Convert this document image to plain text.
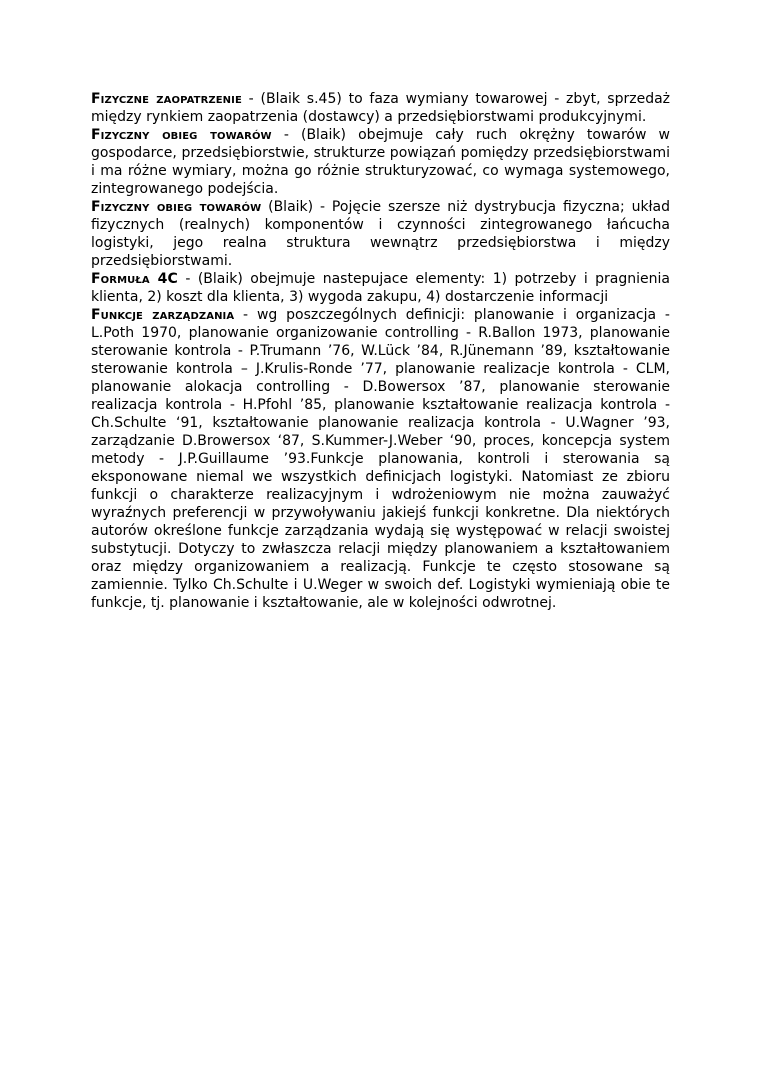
Fizyczne zaopatrzenie - (Blaik s.45) to faza wymiany towarowej - zbyt, sprzedaż między rynkiem zaopatrzenia (dostawcy) a przedsiębiorstwami produkcyjnymi.

Fizyczny obieg towarów - (Blaik) obejmuje cały ruch okrężny towarów w gospodarce, przedsiębiorstwie, strukturze powiązań pomiędzy przedsiębiorstwami i ma różne wymiary, można go różnie strukturyzować, co wymaga systemowego, zintegrowanego podejścia.

Fizyczny obieg towarów (Blaik) - Pojęcie szersze niż dystrybucja fizyczna; układ fizycznych (realnych) komponentów i czynności zintegrowanego łańcucha logistyki, jego realna struktura wewnątrz przedsiębiorstwa i między przedsiębiorstwami.

Formuła 4C - (Blaik) obejmuje nastepujace elementy: 1) potrzeby i pragnienia klienta, 2) koszt dla klienta, 3) wygoda zakupu, 4) dostarczenie informacji

Funkcje zarządzania - wg poszczególnych definicji: planowanie i organizacja - L.Poth 1970, planowanie organizowanie controlling - R.Ballon 1973, planowanie sterowanie kontrola - P.Trumann ’76, W.Lück ’84, R.Jünemann ’89, kształtowanie sterowanie kontrola – J.Krulis-Ronde ’77, planowanie realizacje kontrola - CLM, planowanie alokacja controlling - D.Bowersox ’87, planowanie sterowanie realizacja kontrola - H.Pfohl ’85, planowanie kształtowanie realizacja kontrola - Ch.Schulte ‘91, kształtowanie planowanie realizacja kontrola - U.Wagner ’93, zarządzanie D.Browersox ‘87, S.Kummer-J.Weber ‘90, proces, koncepcja system metody - J.P.Guillaume ’93.Funkcje planowania, kontroli i sterowania są eksponowane niemal we wszystkich definicjach logistyki. Natomiast ze zbioru funkcji o charakterze realizacyjnym i wdrożeniowym nie można zauważyć wyraźnych preferencji w przywoływaniu jakiejś funkcji konkretne. Dla niektórych autorów określone funkcje zarządzania wydają się występować w relacji swoistej substytucji. Dotyczy to zwłaszcza relacji między planowaniem a kształtowaniem oraz między organizowaniem a realizacją. Funkcje te często stosowane są zamiennie. Tylko Ch.Schulte i U.Weger w swoich def. Logistyki wymieniają obie te funkcje, tj. planowanie i kształtowanie, ale w kolejności odwrotnej.
